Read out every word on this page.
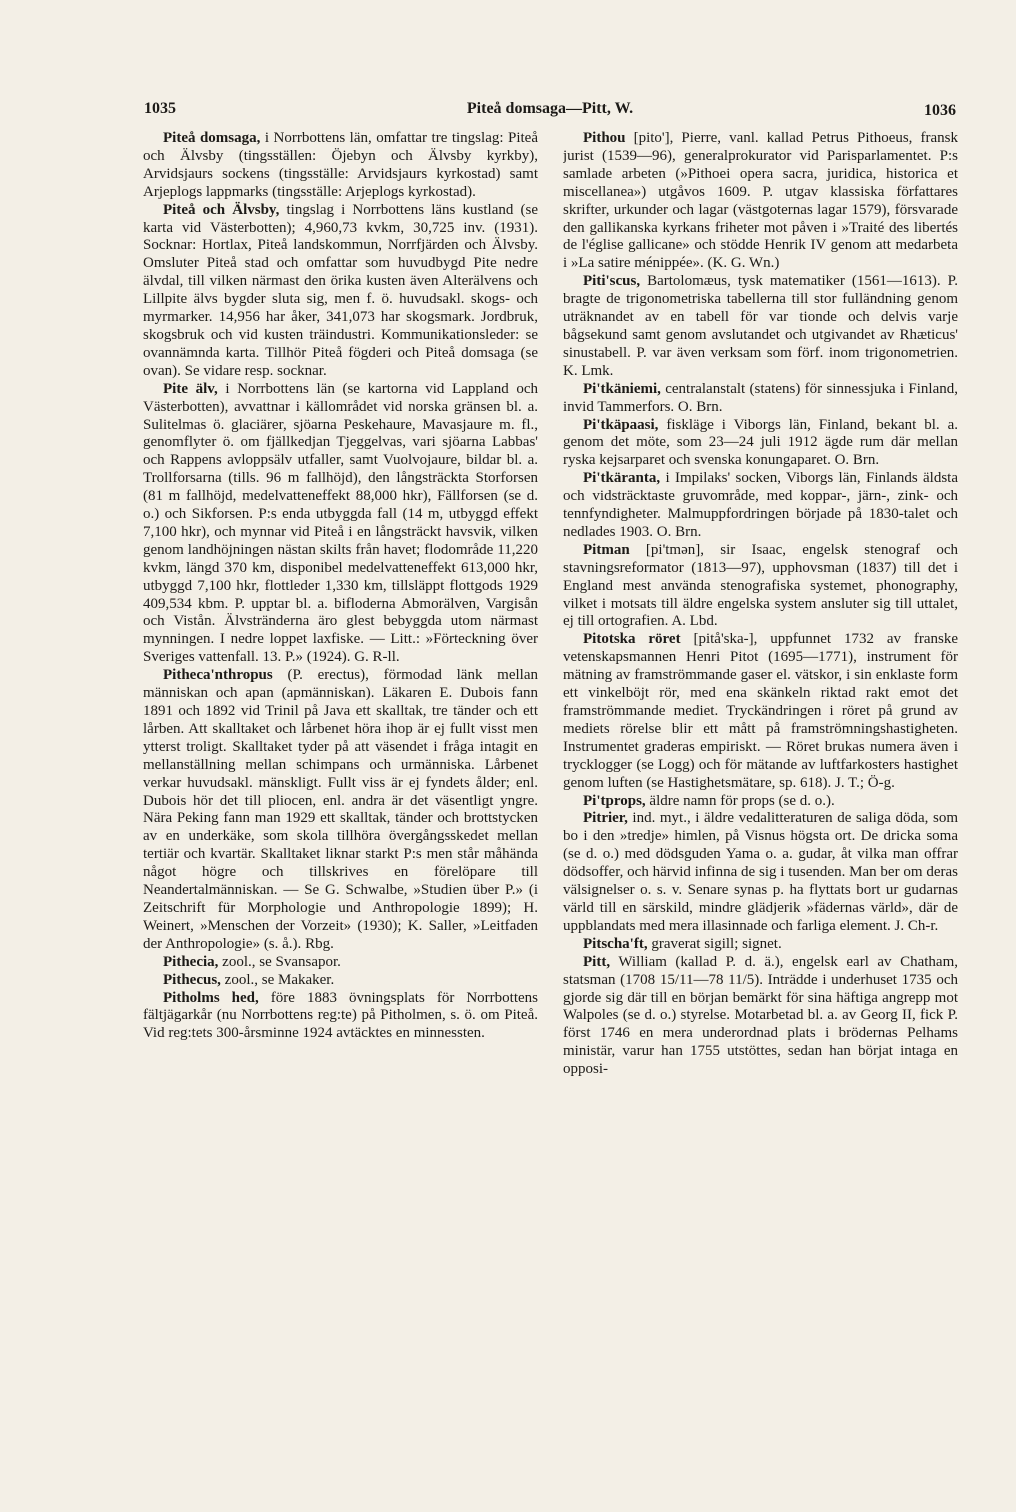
1035	Piteå domsaga—Pitt, W.	1036

Piteå domsaga, i Norrbottens län, omfattar tre tingslag: Piteå och Älvsby (tingsställen: Öjebyn och Älvsby kyrkby), Arvidsjaurs sockens (tingsställe: Arvidsjaurs kyrkostad) samt Arjeplogs lappmarks (tingsställe: Arjeplogs kyrkostad).

Piteå och Älvsby, tingslag i Norrbottens läns kustland (se karta vid Västerbotten); 4,960,73 kvkm, 30,725 inv. (1931). Socknar: Hortlax, Piteå landskommun, Norrfjärden och Älvsby. Omsluter Piteå stad och omfattar som huvudbygd Pite nedre älvdal, till vilken närmast den örika kusten även Alterälvens och Lillpite älvs bygder sluta sig, men f. ö. huvudsakl. skogs- och myrmarker. 14,956 har åker, 341,073 har skogsmark. Jordbruk, skogsbruk och vid kusten träindustri. Kommunikationsleder: se ovannämnda karta. Tillhör Piteå fögderi och Piteå domsaga (se ovan). Se vidare resp. socknar.

Pite älv, i Norrbottens län (se kartorna vid Lappland och Västerbotten), avvattnar i källområdet vid norska gränsen bl. a. Sulitelmas ö. glaciärer, sjöarna Peskehaure, Mavasjaure m. fl., genomflyter ö. om fjällkedjan Tjeggelvas, vari sjöarna Labbas' och Rappens avloppsälv utfaller, samt Vuolvojaure, bildar bl. a. Trollforsarna (tills. 96 m fallhöjd), den långsträckta Storforsen (81 m fallhöjd, medelvatteneffekt 88,000 hkr), Fällforsen (se d. o.) och Sikforsen. P:s enda utbyggda fall (14 m, utbyggd effekt 7,100 hkr), och mynnar vid Piteå i en långsträckt havsvik, vilken genom landhöjningen nästan skilts från havet; flodområde 11,220 kvkm, längd 370 km, disponibel medelvatteneffekt 613,000 hkr, utbyggd 7,100 hkr, flottleder 1,330 km, tillsläppt flottgods 1929 409,534 kbm. P. upptar bl. a. bifloderna Abmorälven, Vargisån och Vistån. Älvstränderna äro glest bebyggda utom närmast mynningen. I nedre loppet laxfiske. — Litt.: »Förteckning över Sveriges vattenfall. 13. P.» (1924). G. R-ll.

Pitheca'nthropus (P. erectus), förmodad länk mellan människan och apan (apmänniskan). Läkaren E. Dubois fann 1891 och 1892 vid Trinil på Java ett skalltak, tre tänder och ett lårben. Att skalltaket och lårbenet höra ihop är ej fullt visst men ytterst troligt. Skalltaket tyder på att väsendet i fråga intagit en mellanställning mellan schimpans och urmänniska. Lårbenet verkar huvudsakl. mänskligt. Fullt viss är ej fyndets ålder; enl. Dubois hör det till pliocen, enl. andra är det väsentligt yngre. Nära Peking fann man 1929 ett skalltak, tänder och brottstycken av en underkäke, som skola tillhöra övergångsskedet mellan tertiär och kvartär. Skalltaket liknar starkt P:s men står måhända något högre och tillskrives en förelöpare till Neandertalmänniskan. — Se G. Schwalbe, »Studien über P.» (i Zeitschrift für Morphologie und Anthropologie 1899); H. Weinert, »Menschen der Vorzeit» (1930); K. Saller, »Leitfaden der Anthropologie» (s. å.). Rbg.

Pithecia, zool., se Svansapor.

Pithecus, zool., se Makaker.

Pitholms hed, före 1883 övningsplats för Norrbottens fältjägarkår (nu Norrbottens reg:te) på Pitholmen, s. ö. om Piteå. Vid reg:tets 300-årsminne 1924 avtäcktes en minnessten.

Pithou [pito'], Pierre, vanl. kallad Petrus Pithoeus, fransk jurist (1539—96), generalprokurator vid Parisparlamentet. P:s samlade arbeten (»Pithoei opera sacra, juridica, historica et miscellanea») utgåvos 1609. P. utgav klassiska författares skrifter, urkunder och lagar (västgoternas lagar 1579), försvarade den gallikanska kyrkans friheter mot påven i »Traité des libertés de l'église gallicane» och stödde Henrik IV genom att medarbeta i »La satire ménippée». (K. G. Wn.)

Piti'scus, Bartolomæus, tysk matematiker (1561—1613). P. bragte de trigonometriska tabellerna till stor fulländning genom uträknandet av en tabell för var tionde och delvis varje bågsekund samt genom avslutandet och utgivandet av Rhæticus' sinustabell. P. var även verksam som förf. inom trigonometrien. K. Lmk.

Pi'tkäniemi, centralanstalt (statens) för sinnessjuka i Finland, invid Tammerfors. O. Brn.

Pi'tkäpaasi, fiskläge i Viborgs län, Finland, bekant bl. a. genom det möte, som 23—24 juli 1912 ägde rum där mellan ryska kejsarparet och svenska konungaparet. O. Brn.

Pi'tkäranta, i Impilaks' socken, Viborgs län, Finlands äldsta och vidsträcktaste gruvområde, med koppar-, järn-, zink- och tennfyndigheter. Malmuppfordringen började på 1830-talet och nedlades 1903. O. Brn.

Pitman [pi'tmən], sir Isaac, engelsk stenograf och stavningsreformator (1813—97), upphovsman (1837) till det i England mest använda stenografiska systemet, phonography, vilket i motsats till äldre engelska system ansluter sig till uttalet, ej till ortografien. A. Lbd.

Pitotska röret [pitå'ska-], uppfunnet 1732 av franske vetenskapsmannen Henri Pitot (1695—1771), instrument för mätning av framströmmande gaser el. vätskor, i sin enklaste form ett vinkelböjt rör, med ena skänkeln riktad rakt emot det framströmmande mediet. Tryckändringen i röret på grund av mediets rörelse blir ett mått på framströmningshastigheten. Instrumentet graderas empiriskt. — Röret brukas numera även i trycklogger (se Logg) och för mätande av luftfarkosters hastighet genom luften (se Hastighetsmätare, sp. 618). J. T.; Ö-g.

Pi'tprops, äldre namn för props (se d. o.).

Pitrier, ind. myt., i äldre vedalitteraturen de saliga döda, som bo i den »tredje» himlen, på Visnus högsta ort. De dricka soma (se d. o.) med dödsguden Yama o. a. gudar, åt vilka man offrar dödsoffer, och härvid infinna de sig i tusenden. Man ber om deras välsignelser o. s. v. Senare synas p. ha flyttats bort ur gudarnas värld till en särskild, mindre glädjerik »fädernas värld», där de uppblandats med mera illasinnade och farliga element. J. Ch-r.

Pitscha'ft, graverat sigill; signet.

Pitt, William (kallad P. d. ä.), engelsk earl av Chatham, statsman (1708 15/11—78 11/5). Inträdde i underhuset 1735 och gjorde sig där till en början bemärkt för sina häftiga angrepp mot Walpoles (se d. o.) styrelse. Motarbetad bl. a. av Georg II, fick P. först 1746 en mera underordnad plats i brödernas Pelhams ministär, varur han 1755 utstöttes, sedan han börjat intaga en opposi-
